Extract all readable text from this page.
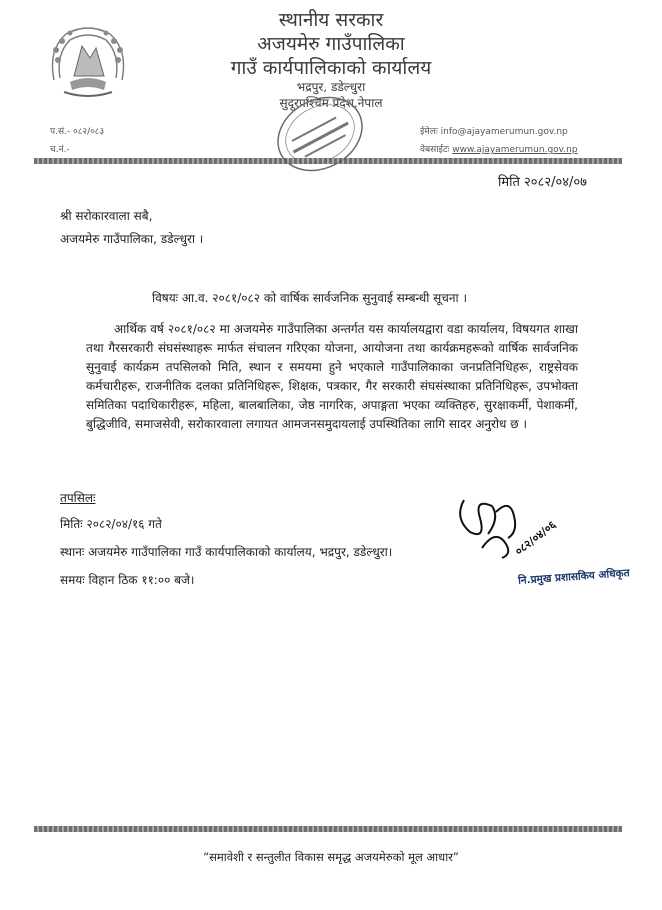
स्थानीय सरकार
अजयमेरु गाउँपालिका
गाउँ कार्यपालिकाको कार्यालय
भद्रपुर, डडेल्धुरा
सुदूरपश्चिम प्रदेश,नेपाल
प.सं.- ०८२/०८३
च.नं.-
ईमेलः info@ajayamerumun.gov.np
वेबसाईटः www.ajayamerumun.gov.np
मिति २०८२/०४/०७
श्री सरोकारवाला सबै,
अजयमेरु गाउँपालिका, डडेल्धुरा ।
विषयः आ.व. २०८१/०८२ को वार्षिक सार्वजनिक सुनुवाई सम्बन्धी सूचना ।
आर्थिक वर्ष २०८१/०८२ मा अजयमेरु गाउँपालिका अन्तर्गत यस कार्यालयद्वारा वडा कार्यालय, विषयगत शाखा तथा गैरसरकारी संघसंस्थाहरू मार्फत संचालन गरिएका योजना, आयोजना तथा कार्यक्रमहरूको वार्षिक सार्वजनिक सुनुवाई कार्यक्रम तपसिलको मिति, स्थान र समयमा हुने भएकाले गाउँपालिकाका जनप्रतिनिधिहरू, राष्ट्रसेवक कर्मचारीहरू, राजनीतिक दलका प्रतिनिधिहरू, शिक्षक, पत्रकार, गैर सरकारी संघसंस्थाका प्रतिनिधिहरू, उपभोक्ता समितिका पदाधिकारीहरू, महिला, बालबालिका, जेष्ठ नागरिक, अपाङ्गता भएका व्यक्तिहरु, सुरक्षाकर्मी, पेशाकर्मी, बुद्धिजीवि, समाजसेवी, सरोकारवाला लगायत आमजनसमुदायलाई उपस्थितिका लागि सादर अनुरोध छ ।
तपसिलः
मितिः २०८२/०४/१६ गते
स्थानः अजयमेरु गाउँपालिका गाउँ कार्यपालिकाको कार्यालय, भद्रपुर, डडेल्धुरा।
समयः विहान ठिक ११:०० बजे।
०८२/०४/०६
नि.प्रमुख प्रशासकिय अधिकृत
“समावेशी र सन्तुलीत विकास समृद्ध अजयमेरुको मूल आधार”
